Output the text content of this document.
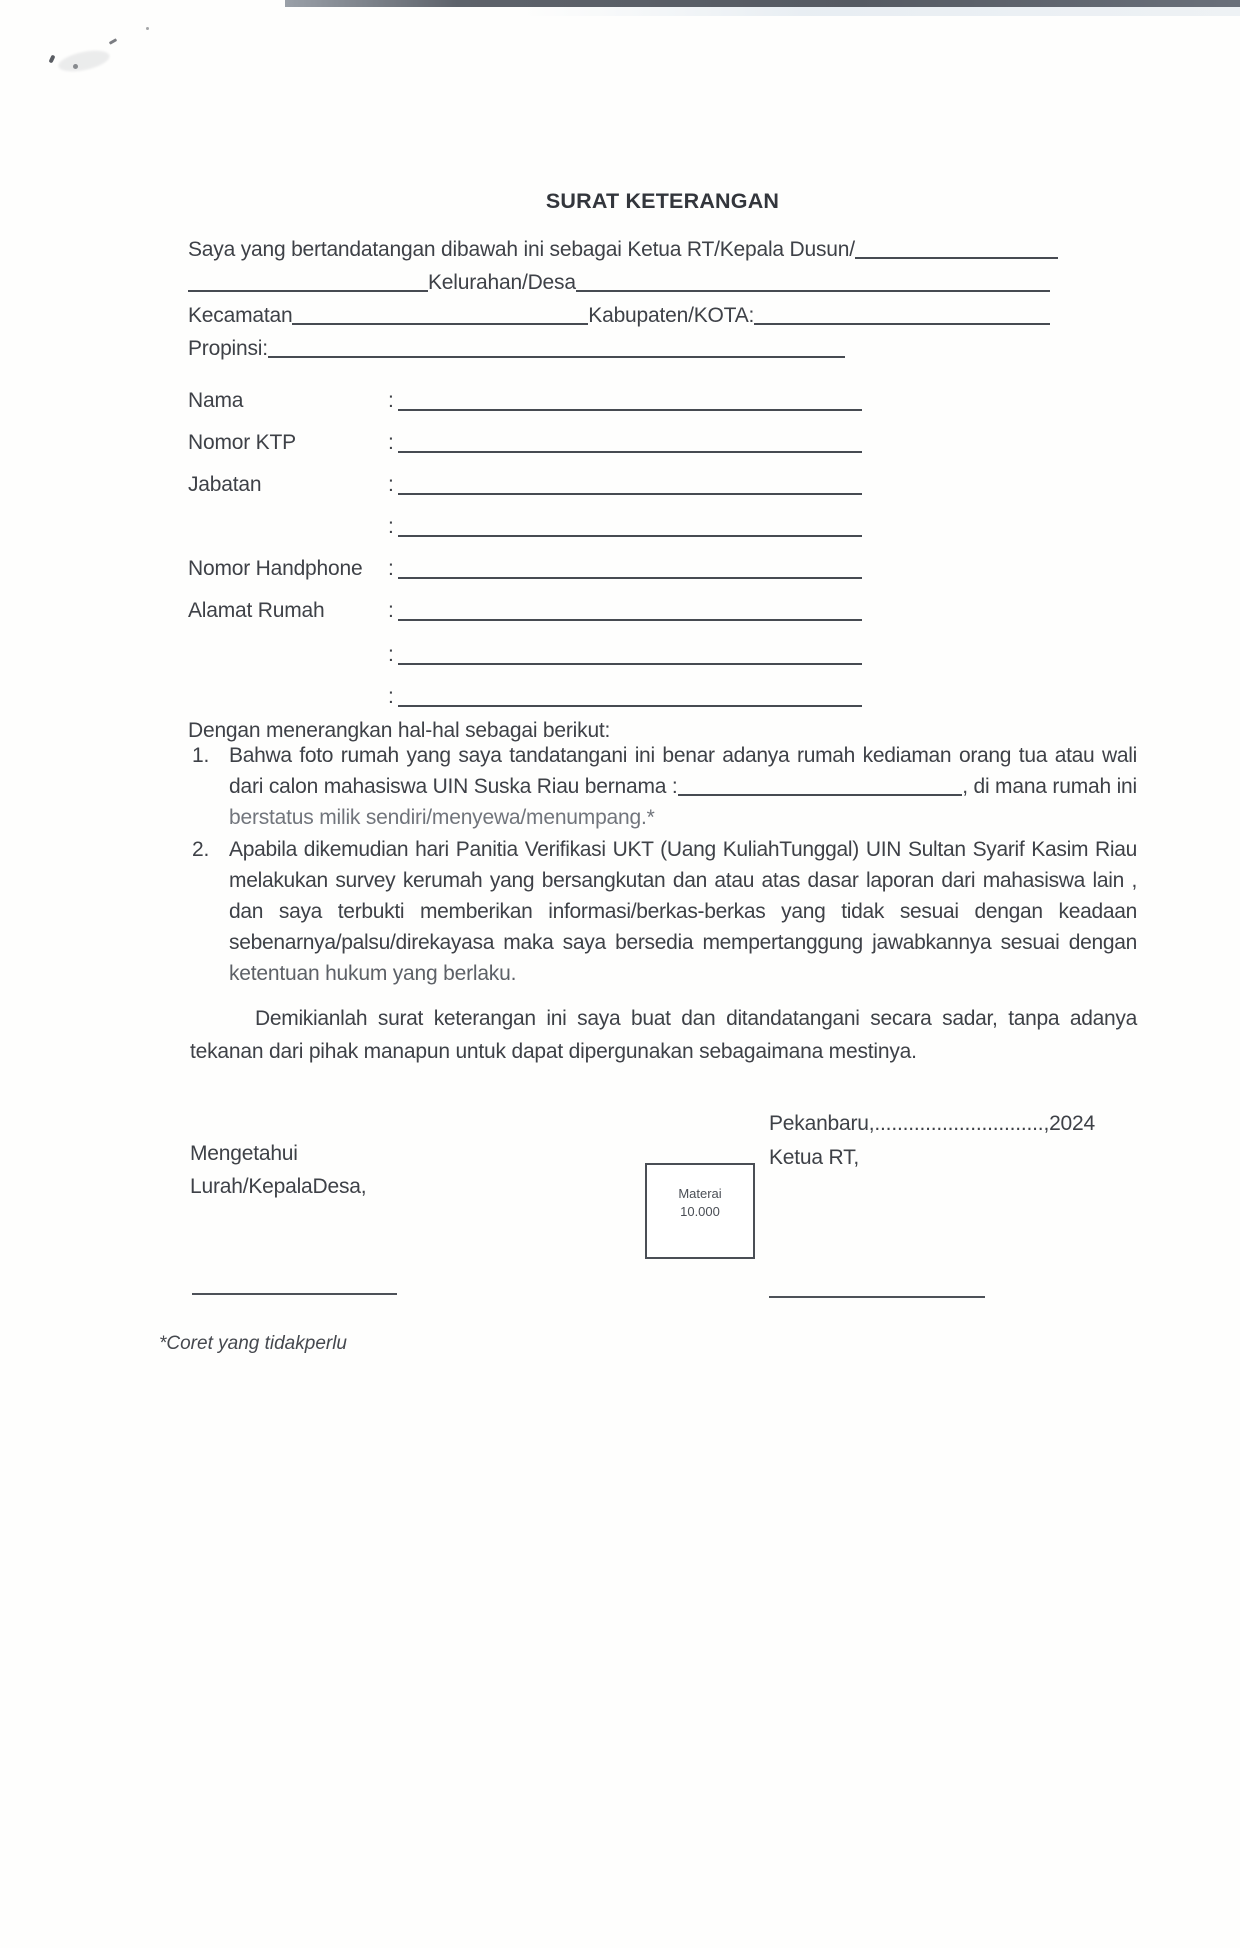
SURAT KETERANGAN
Saya yang bertandatangan dibawah ini sebagai Ketua RT/Kepala Dusun/
Kelurahan/Desa
Kecamatan	Kabupaten/KOTA:
Propinsi:
Nama	:
Nomor KTP	:
Jabatan	:
:
Nomor Handphone :
Alamat Rumah	:
:
:
Dengan menerangkan hal-hal sebagai berikut:
1. Bahwa foto rumah yang saya tandatangani ini benar adanya rumah kediaman orang tua atau wali
dari calon mahasiswa UIN Suska Riau bernama :	, di mana rumah ini
berstatus milik sendiri/menyewa/menumpang.*
2. Apabila dikemudian hari Panitia Verifikasi UKT (Uang KuliahTunggal) UIN Sultan Syarif Kasim Riau
melakukan survey kerumah yang bersangkutan dan atau atas dasar laporan dari mahasiswa lain ,
dan saya terbukti memberikan informasi/berkas-berkas yang tidak sesuai dengan keadaan
sebenarnya/palsu/direkayasa maka saya bersedia mempertanggung jawabkannya sesuai dengan
ketentuan hukum yang berlaku.
Demikianlah surat keterangan ini saya buat dan ditandatangani secara sadar, tanpa adanya
tekanan dari pihak manapun untuk dapat dipergunakan sebagaimana mestinya.
Pekanbaru,..............................,2024
Ketua RT,
Mengetahui
Lurah/KepalaDesa,	Materai
10.000
*Coret yang tidakperlu
